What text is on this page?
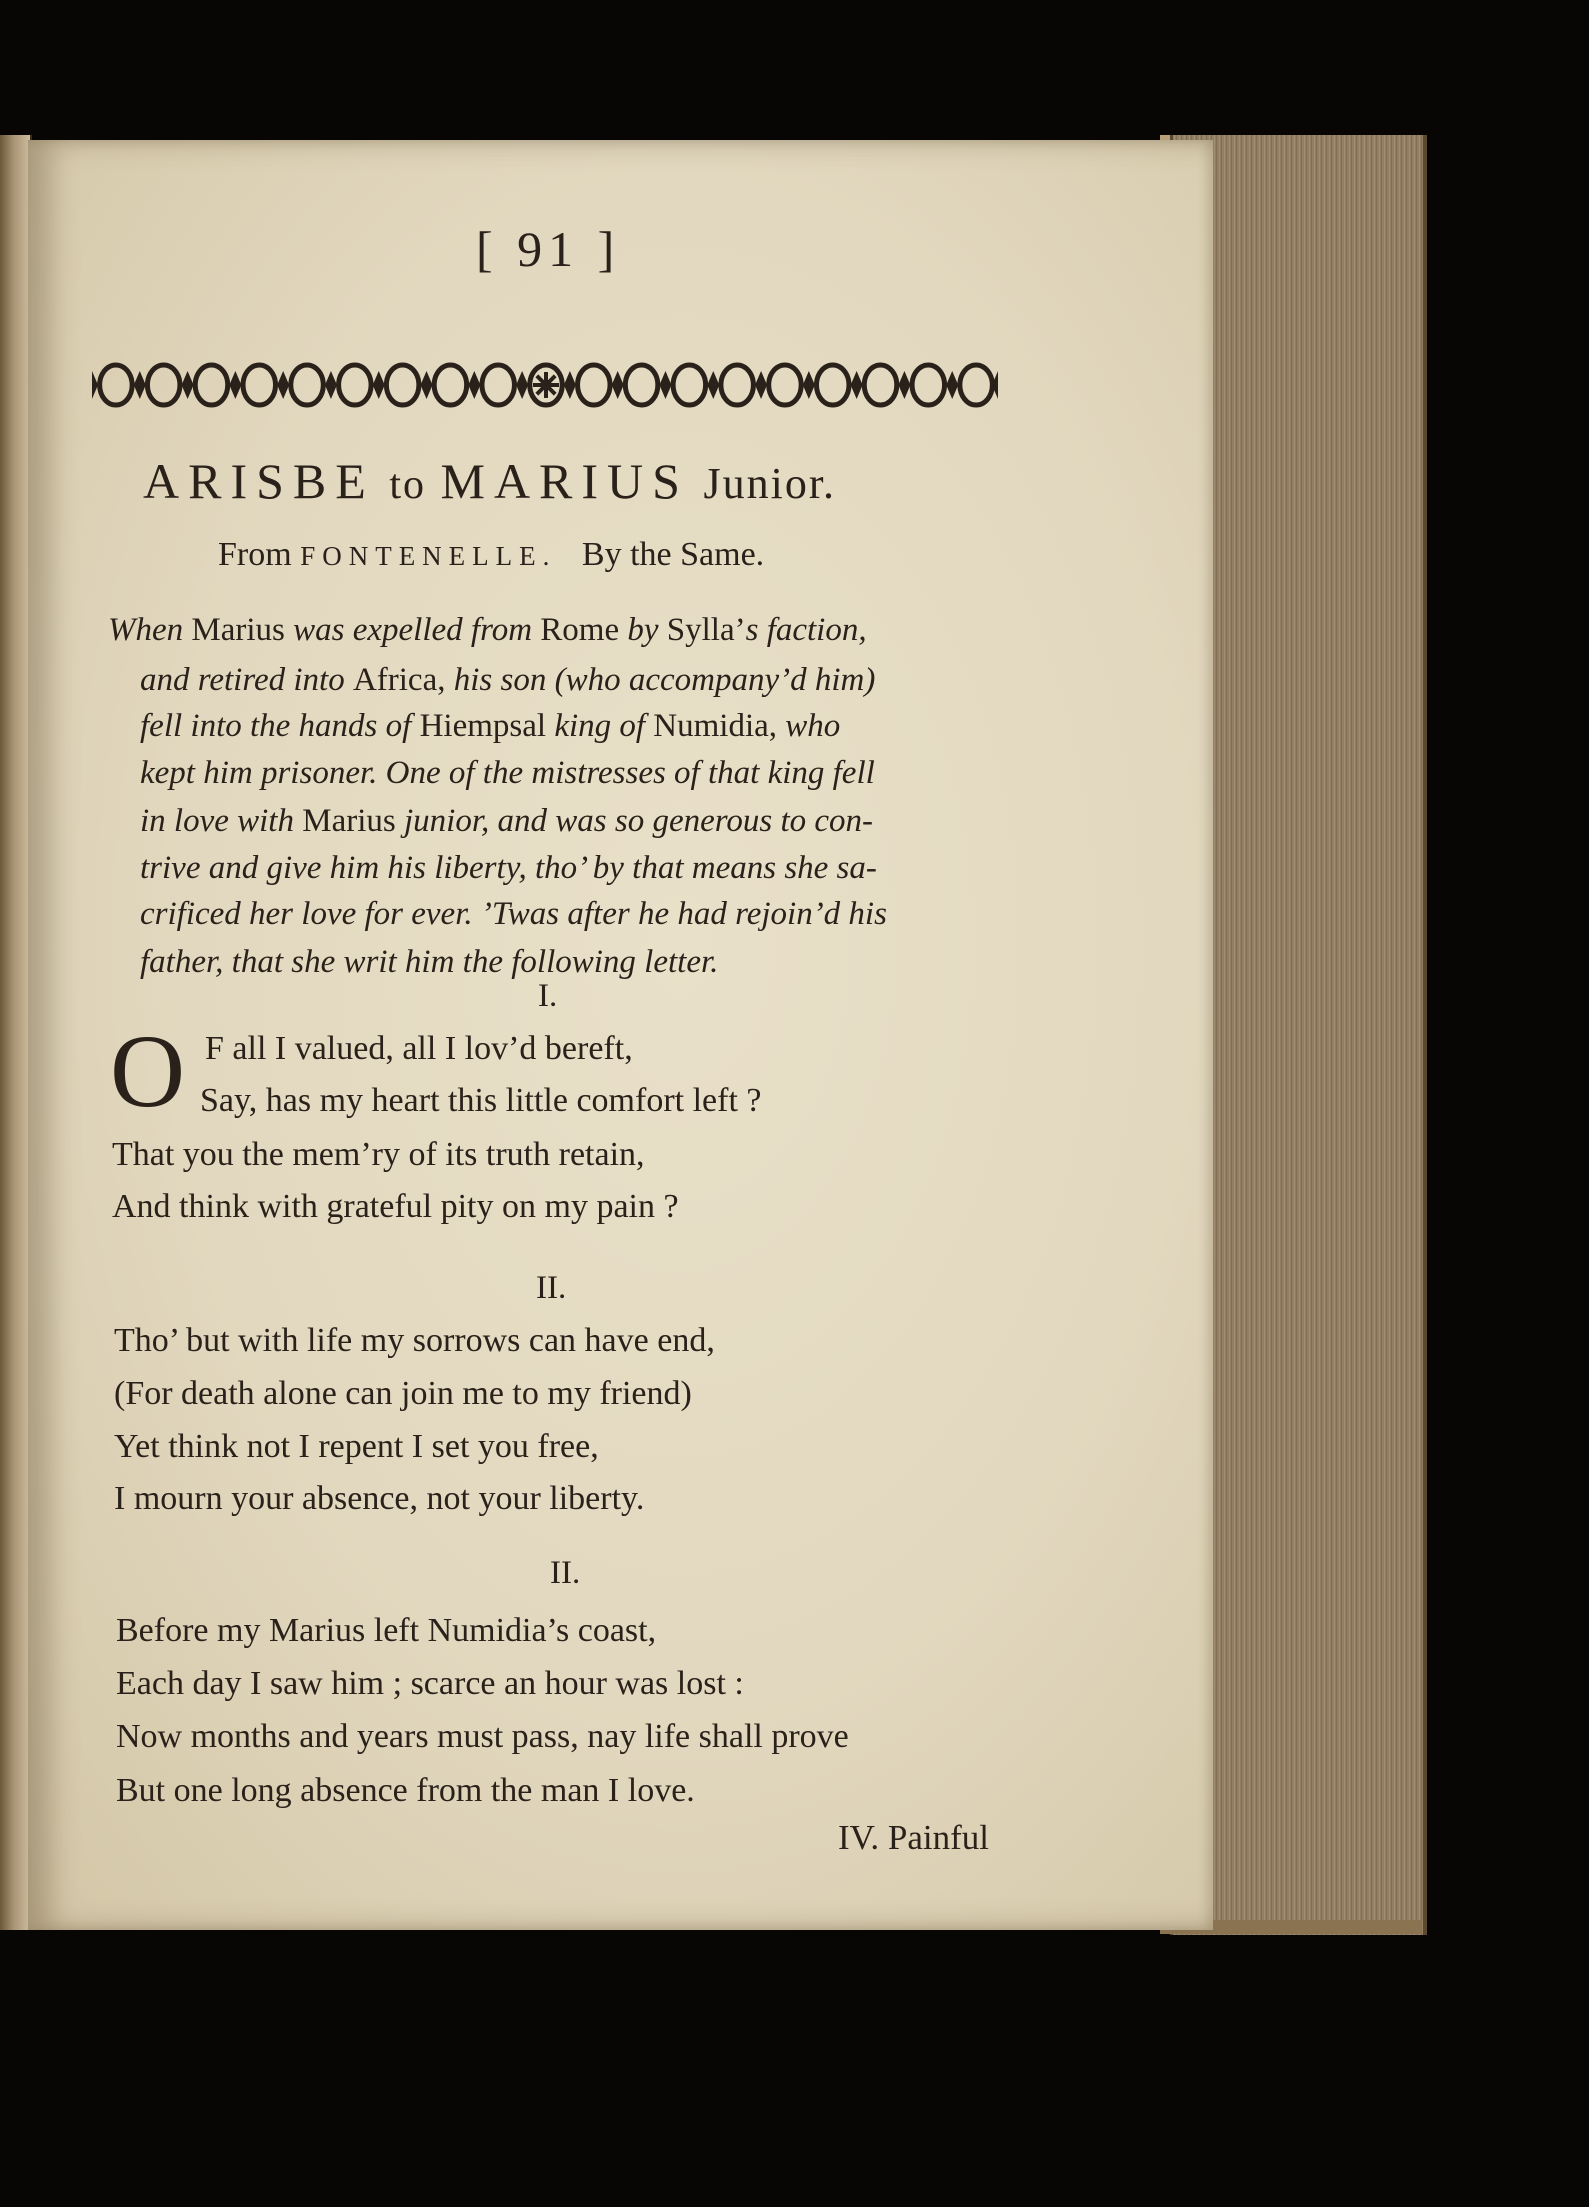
[ 91 ]
ARISBE to MARIUS Junior.
From FONTENELLE. By the Same.
When Marius was expelled from Rome by Sylla’s faction,
and retired into Africa, his son (who accompany’d him)
fell into the hands of Hiempsal king of Numidia, who
kept him prisoner. One of the mistresses of that king fell
in love with Marius junior, and was so generous to con-
trive and give him his liberty, tho’ by that means she sa-
crificed her love for ever. ’Twas after he had rejoin’d his
father, that she writ him the following letter.
I.
O F all I valued, all I lov’d bereft,
Say, has my heart this little comfort left ?
That you the mem’ry of its truth retain,
And think with grateful pity on my pain ?
II.
Tho’ but with life my sorrows can have end,
(For death alone can join me to my friend)
Yet think not I repent I set you free,
I mourn your absence, not your liberty.
II.
Before my Marius left Numidia’s coast,
Each day I saw him ; scarce an hour was lost :
Now months and years must pass, nay life shall prove
But one long absence from the man I love.
IV. Painful
